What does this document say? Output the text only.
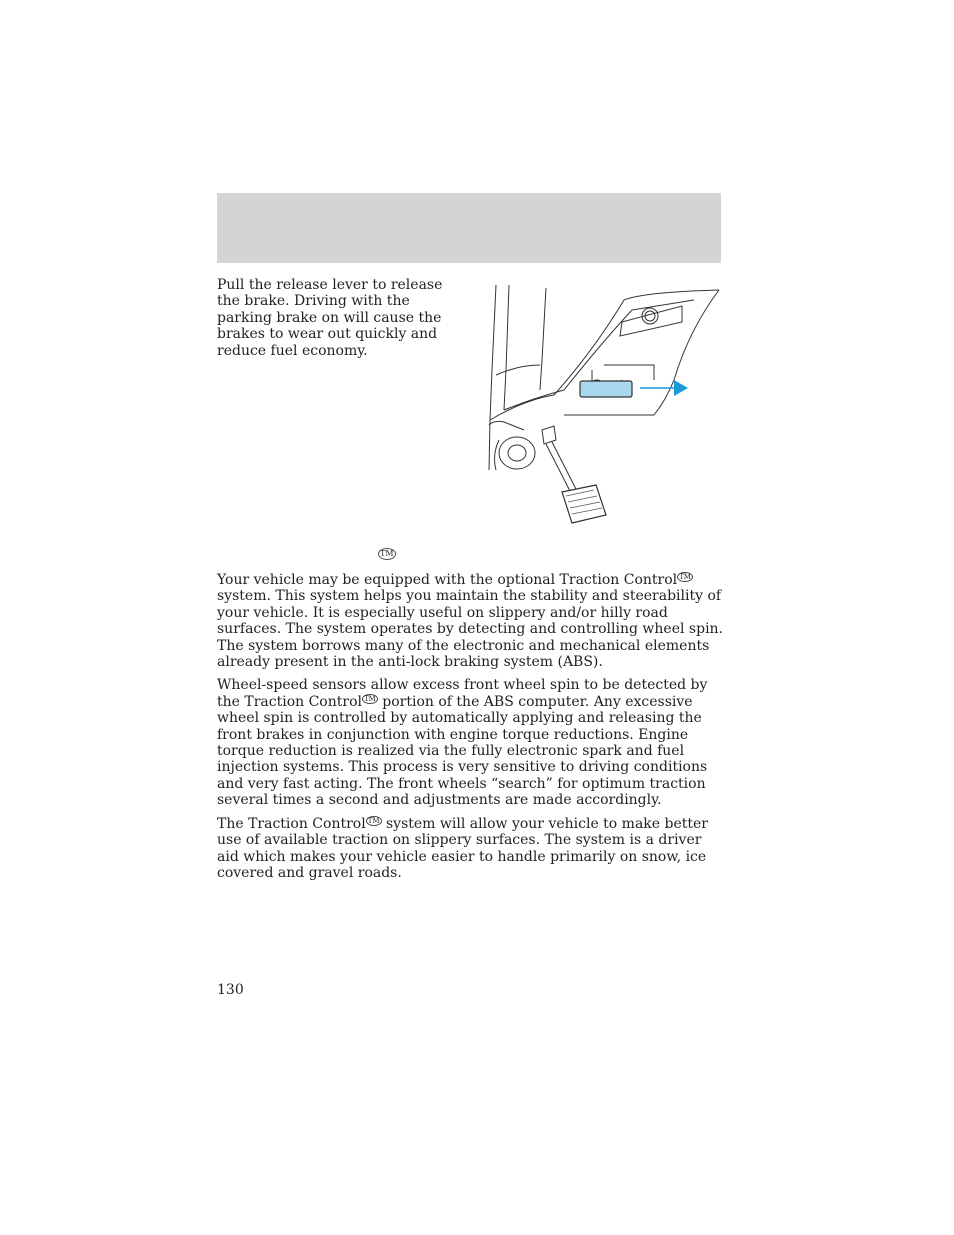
Pull the release lever to release the brake. Driving with the parking brake on will cause the brakes to wear out quickly and reduce fuel economy.

TM

Your vehicle may be equipped with the optional Traction Control ™ system. This system helps you maintain the stability and steerability of your vehicle. It is especially useful on slippery and/or hilly road surfaces. The system operates by detecting and controlling wheel spin. The system borrows many of the electronic and mechanical elements already present in the anti-lock braking system (ABS).

Wheel-speed sensors allow excess front wheel spin to be detected by the Traction Control ™ portion of the ABS computer. Any excessive wheel spin is controlled by automatically applying and releasing the front brakes in conjunction with engine torque reductions. Engine torque reduction is realized via the fully electronic spark and fuel injection systems. This process is very sensitive to driving conditions and very fast acting. The front wheels “search” for optimum traction several times a second and adjustments are made accordingly.

The Traction Control ™ system will allow your vehicle to make better use of available traction on slippery surfaces. The system is a driver aid which makes your vehicle easier to handle primarily on snow, ice covered and gravel roads.

130
